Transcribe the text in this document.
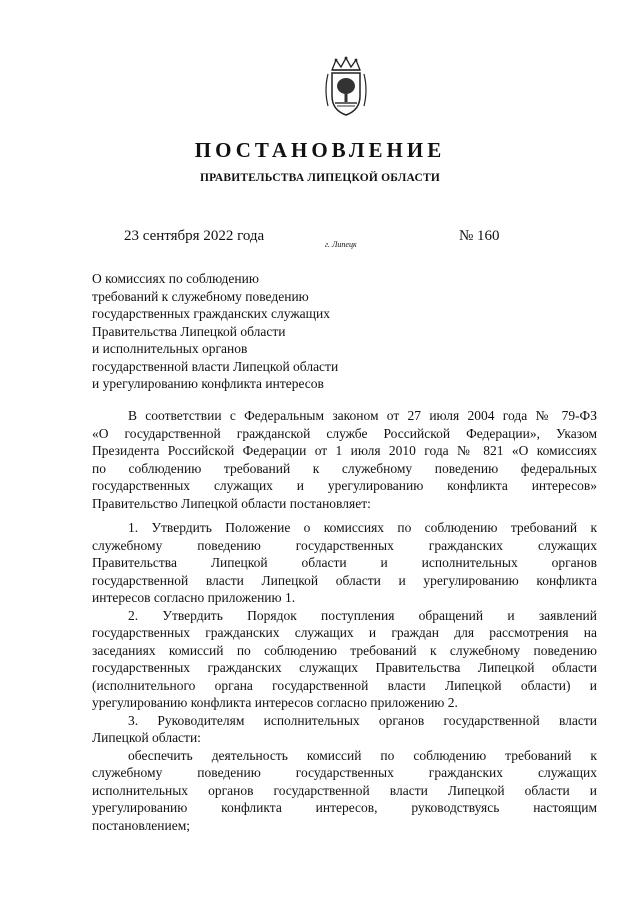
ПОСТАНОВЛЕНИЕ
ПРАВИТЕЛЬСТВА ЛИПЕЦКОЙ ОБЛАСТИ
23 сентября 2022 года
г. Липецк
№ 160
О комиссиях по соблюдению
требований к служебному поведению
государственных гражданских служащих
Правительства Липецкой области
и исполнительных органов
государственной власти Липецкой области
и урегулированию конфликта интересов
В соответствии с Федеральным законом от 27 июля 2004 года № 79-ФЗ
«О государственной гражданской службе Российской Федерации», Указом
Президента Российской Федерации от 1 июля 2010 года № 821 «О комиссиях
по соблюдению требований к служебному поведению федеральных
государственных служащих и урегулированию конфликта интересов»
Правительство Липецкой области постановляет:
1. Утвердить Положение о комиссиях по соблюдению требований к
служебному поведению государственных гражданских служащих
Правительства Липецкой области и исполнительных органов
государственной власти Липецкой области и урегулированию конфликта
интересов согласно приложению 1.
2. Утвердить Порядок поступления обращений и заявлений
государственных гражданских служащих и граждан для рассмотрения на
заседаниях комиссий по соблюдению требований к служебному поведению
государственных гражданских служащих Правительства Липецкой области
(исполнительного органа государственной власти Липецкой области) и
урегулированию конфликта интересов согласно приложению 2.
3. Руководителям исполнительных органов государственной власти
Липецкой области:
обеспечить деятельность комиссий по соблюдению требований к
служебному поведению государственных гражданских служащих
исполнительных органов государственной власти Липецкой области и
урегулированию конфликта интересов, руководствуясь настоящим
постановлением;
